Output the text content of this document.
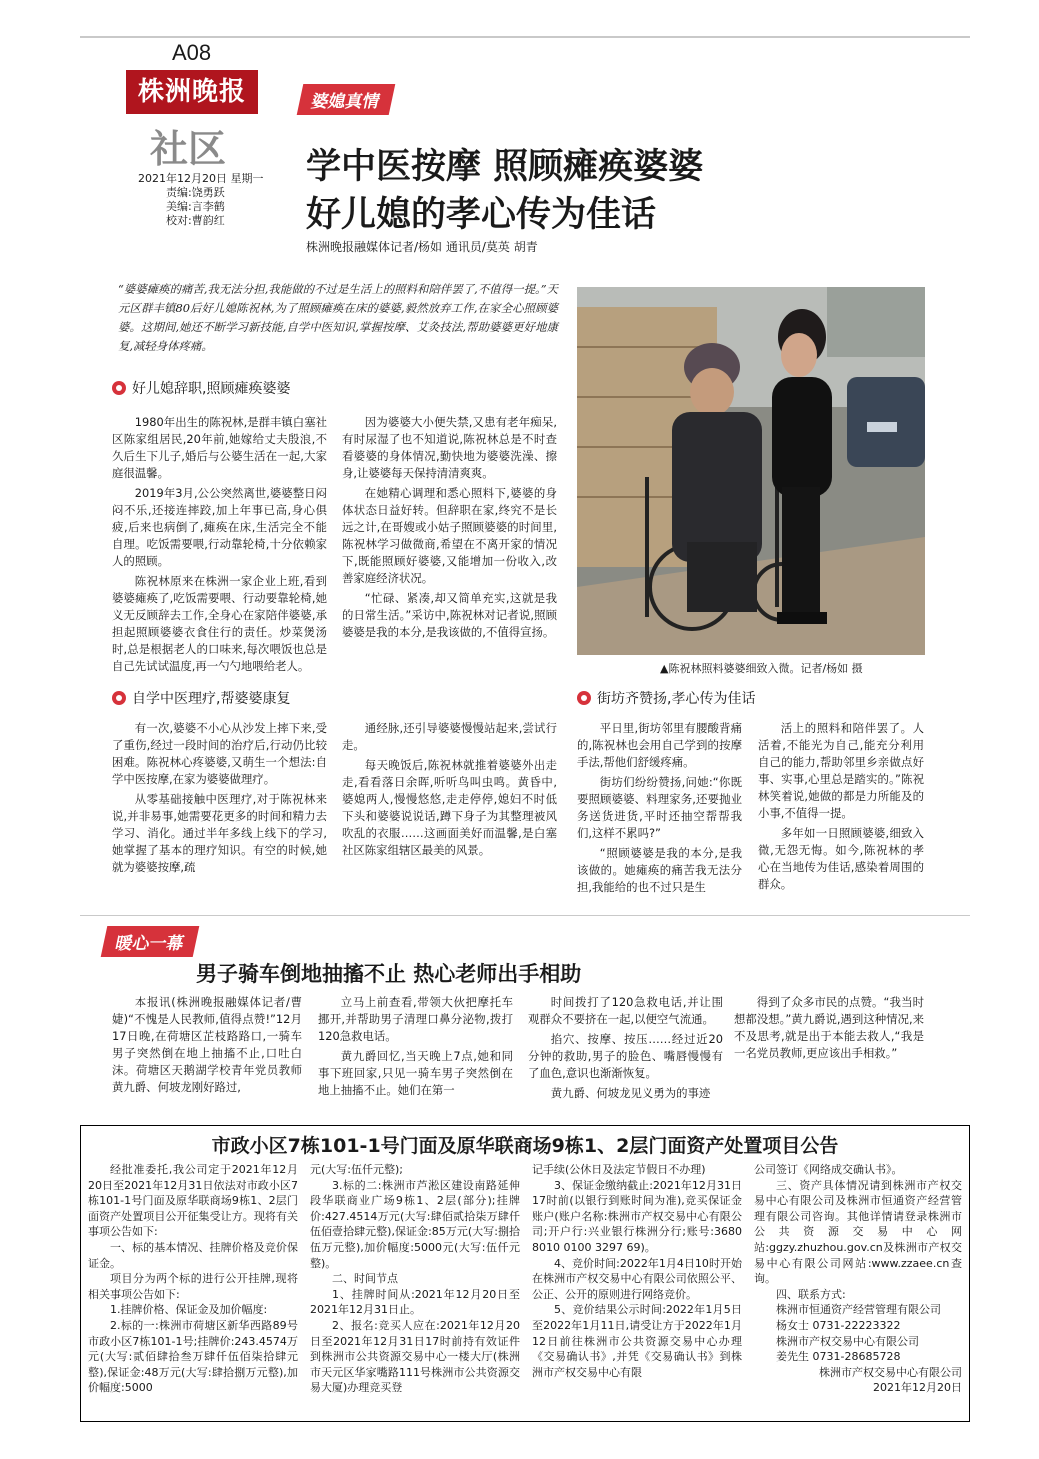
A08
株洲晚报
社区
2021年12月20日 星期一
责编:饶勇跃
美编:言李鹤
校对:曹韵红
婆媳真情
学中医按摩 照顾瘫痪婆婆
好儿媳的孝心传为佳话
株洲晚报融媒体记者/杨如 通讯员/莫英 胡青
“婆婆瘫痪的痛苦,我无法分担,我能做的不过是生活上的照料和陪伴罢了,不值得一提。”天元区群丰镇80后好儿媳陈祝林,为了照顾瘫痪在床的婆婆,毅然放弃工作,在家全心照顾婆婆。这期间,她还不断学习新技能,自学中医知识,掌握按摩、艾灸技法,帮助婆婆更好地康复,减轻身体疼痛。
▲陈祝林照料婆婆细致入微。记者/杨如 摄
好儿媳辞职,照顾瘫痪婆婆

1980年出生的陈祝林,是群丰镇白塞社区陈家组居民,20年前,她嫁给丈夫殷浪,不久后生下儿子,婚后与公婆生活在一起,大家庭很温馨。

2019年3月,公公突然离世,婆婆整日闷闷不乐,还接连摔跤,加上年事已高,身心俱疲,后来也病倒了,瘫痪在床,生活完全不能自理。吃饭需要喂,行动靠轮椅,十分依赖家人的照顾。

陈祝林原来在株洲一家企业上班,看到婆婆瘫痪了,吃饭需要喂、行动要靠轮椅,她义无反顾辞去工作,全身心在家陪伴婆婆,承担起照顾婆婆衣食住行的责任。炒菜煲汤时,总是根据老人的口味来,每次喂饭也总是自己先试试温度,再一勺勺地喂给老人。

因为婆婆大小便失禁,又患有老年痴呆,有时尿湿了也不知道说,陈祝林总是不时查看婆婆的身体情况,勤快地为婆婆洗澡、擦身,让婆婆每天保持清清爽爽。

在她精心调理和悉心照料下,婆婆的身体状态日益好转。但辞职在家,终究不是长远之计,在哥嫂或小姑子照顾婆婆的时间里,陈祝林学习做微商,希望在不离开家的情况下,既能照顾好婆婆,又能增加一份收入,改善家庭经济状况。

“忙碌、紧凑,却又简单充实,这就是我的日常生活。”采访中,陈祝林对记者说,照顾婆婆是我的本分,是我该做的,不值得宣扬。

自学中医理疗,帮婆婆康复

有一次,婆婆不小心从沙发上摔下来,受了重伤,经过一段时间的治疗后,行动仍比较困难。陈祝林心疼婆婆,又萌生一个想法:自学中医按摩,在家为婆婆做理疗。

从零基础接触中医理疗,对于陈祝林来说,并非易事,她需要花更多的时间和精力去学习、消化。通过半年多线上线下的学习,她掌握了基本的理疗知识。有空的时候,她就为婆婆按摩,疏

通经脉,还引导婆婆慢慢站起来,尝试行走。

每天晚饭后,陈祝林就推着婆婆外出走走,看看落日余晖,听听鸟叫虫鸣。黄昏中,婆媳两人,慢慢悠悠,走走停停,媳妇不时低下头和婆婆说说话,蹲下身子为其整理被风吹乱的衣服……这画面美好而温馨,是白塞社区陈家组辖区最美的风景。

街坊齐赞扬,孝心传为佳话

平日里,街坊邻里有腰酸背痛的,陈祝林也会用自己学到的按摩手法,帮他们舒缓疼痛。

街坊们纷纷赞扬,问她:“你既要照顾婆婆、料理家务,还要抛业务送货进货,平时还抽空帮帮我们,这样不累吗?”

“照顾婆婆是我的本分,是我该做的。她瘫痪的痛苦我无法分担,我能给的也不过只是生

活上的照料和陪伴罢了。人活着,不能光为自己,能充分利用自己的能力,帮助邻里乡亲做点好事、实事,心里总是踏实的。”陈祝林笑着说,她做的都是力所能及的小事,不值得一提。

多年如一日照顾婆婆,细致入微,无怨无悔。如今,陈祝林的孝心在当地传为佳话,感染着周围的群众。

暖心一幕
男子骑车倒地抽搐不止 热心老师出手相助

本报讯(株洲晚报融媒体记者/曹婕)“不愧是人民教师,值得点赞!”12月17日晚,在荷塘区芷枝路路口,一骑车男子突然倒在地上抽搐不止,口吐白沫。荷塘区天鹅湖学校青年党员教师黄九爵、何坡龙刚好路过,

立马上前查看,带领大伙把摩托车挪开,并帮助男子清理口鼻分泌物,拨打120急救电话。

黄九爵回忆,当天晚上7点,她和同事下班回家,只见一骑车男子突然倒在地上抽搐不止。她们在第一

时间拨打了120急救电话,并让围观群众不要挤在一起,以便空气流通。

掐穴、按摩、按压……经过近20分钟的救助,男子的脸色、嘴唇慢慢有了血色,意识也渐渐恢复。

黄九爵、何坡龙见义勇为的事迹

得到了众多市民的点赞。“我当时想都没想。”黄九爵说,遇到这种情况,来不及思考,就是出于本能去救人,“我是一名党员教师,更应该出手相救。”

市政小区7栋101-1号门面及原华联商场9栋1、2层门面资产处置项目公告

经批准委托,我公司定于2021年12月20日至2021年12月31日依法对市政小区7栋101-1号门面及原华联商场9栋1、2层门面资产处置项目公开征集受让方。现将有关事项公告如下:

一、标的基本情况、挂牌价格及竞价保证金。

项目分为两个标的进行公开挂牌,现将相关事项公告如下:

1.挂牌价格、保证金及加价幅度:

2.标的一:株洲市荷塘区新华西路89号市政小区7栋101-1号;挂牌价:243.4574万元(大写:贰佰肆拾叁万肆仟伍佰柒拾肆元整),保证金:48万元(大写:肆拾捌万元整),加价幅度:5000

元(大写:伍仟元整);

3.标的二:株洲市芦淞区建设南路延伸段华联商业广场9栋1、2层(部分);挂牌价:427.4514万元(大写:肆佰贰拾柒万肆仟伍佰壹拾肆元整),保证金:85万元(大写:捌拾伍万元整),加价幅度:5000元(大写:伍仟元整)。

二、时间节点

1、挂牌时间从:2021年12月20日至2021年12月31日止。

2、报名:竞买人应在:2021年12月20日至2021年12月31日17时前持有效证件到株洲市公共资源交易中心一楼大厅(株洲市天元区华家嘴路111号株洲市公共资源交易大厦)办理竞买登

记手续(公休日及法定节假日不办理)

3、保证金缴纳截止:2021年12月31日17时前(以银行到账时间为准),竞买保证金账户(账户名称:株洲市产权交易中心有限公司;开户行:兴业银行株洲分行;账号:3680 8010 0100 3297 69)。

4、竞价时间:2022年1月4日10时开始在株洲市产权交易中心有限公司依照公平、公正、公开的原则进行网络竞价。

5、竞价结果公示时间:2022年1月5日至2022年1月11日,请受让方于2022年1月12日前往株洲市公共资源交易中心办理《交易确认书》,并凭《交易确认书》到株洲市产权交易中心有限

公司签订《网络成交确认书》。

三、资产具体情况请到株洲市产权交易中心有限公司及株洲市恒通资产经营管理有限公司咨询。其他详情请登录株洲市公共资源交易中心网站:ggzy.zhuzhou.gov.cn及株洲市产权交易中心有限公司网站:www.zzaee.cn查询。

四、联系方式:

株洲市恒通资产经营管理有限公司

杨女士 0731-22223322

株洲市产权交易中心有限公司

姜先生 0731-28685728

株洲市产权交易中心有限公司
2021年12月20日
